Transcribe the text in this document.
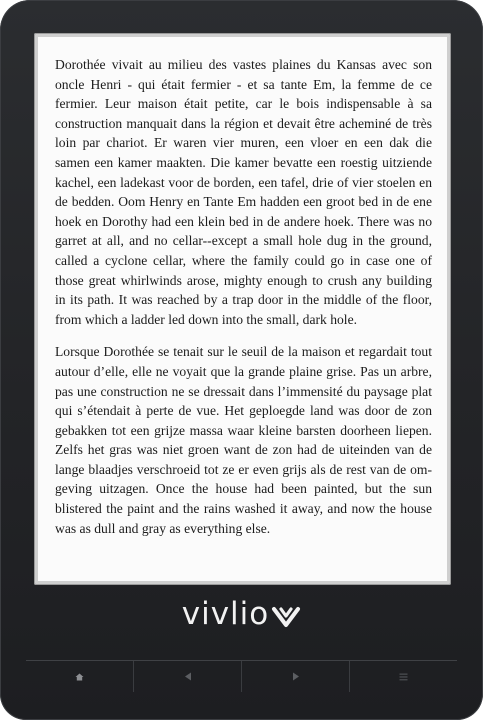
Dorothée vivait au milieu des vastes plaines du Kansas avec son oncle Henri - qui était fermier - et sa tante Em, la femme de ce fermier. Leur maison était petite, car le bois indispensable à sa construction manquait dans la région et devait être acheminé de très loin par chariot. Er waren vier muren, een vloer en een dak die samen een kamer maakten. Die kamer bevatte een roestig uitziende kachel, een ladekast voor de borden, een tafel, drie of vier stoelen en de bedden. Oom Henry en Tante Em hadden een groot bed in de ene hoek en Dorothy had een klein bed in de andere hoek. There was no garret at all, and no cellar--except a small hole dug in the ground, called a cyclone cellar, where the family could go in case one of those great whirlwinds arose, mighty enough to crush any building in its path. It was reached by a trap door in the middle of the floor, from which a ladder led down into the small, dark hole.

Lorsque Dorothée se tenait sur le seuil de la maison et regardait tout autour d’elle, elle ne voyait que la grande plaine grise. Pas un arbre, pas une construction ne se dressait dans l’immensité du paysage plat qui s’étendait à perte de vue. Het geploegde land was door de zon gebakken tot een grijze massa waar kleine barsten doorheen liepen. Zelfs het gras was niet groen want de zon had de uiteinden van de lange blaadjes verschroeid tot ze er even grijs als de rest van de omgeving uitzagen. Once the house had been painted, but the sun blistered the paint and the rains washed it away, and now the house was as dull and gray as everything else.

vivlio
